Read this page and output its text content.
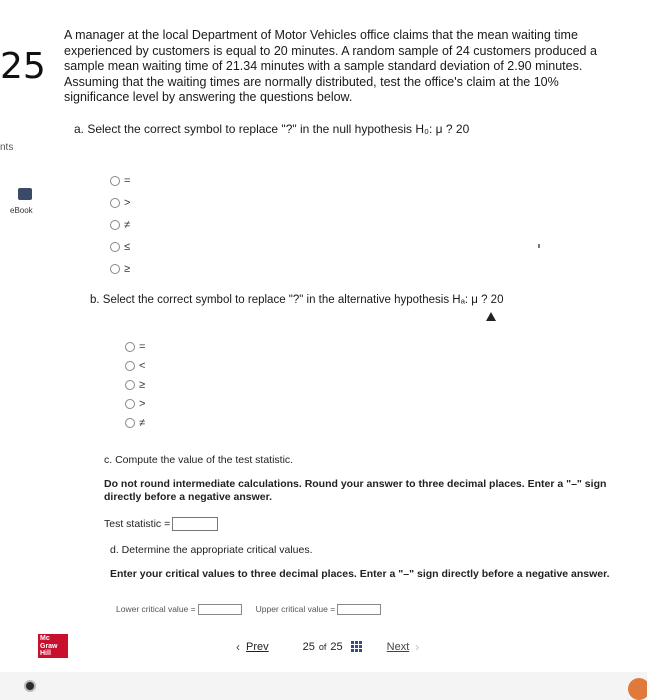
25
nts
eBook
Mc Graw Hill
A manager at the local Department of Motor Vehicles office claims that the mean waiting time experienced by customers is equal to 20 minutes. A random sample of 24 customers produced a sample mean waiting time of 21.34 minutes with a sample standard deviation of 2.90 minutes. Assuming that the waiting times are normally distributed, test the office's claim at the 10% significance level by answering the questions below.
a. Select the correct symbol to replace "?" in the null hypothesis H₀: μ ? 20
=
>
≠
≤
≥
b. Select the correct symbol to replace "?" in the alternative hypothesis Hₐ: μ ? 20
=
<
≥
>
≠
c. Compute the value of the test statistic.
Do not round intermediate calculations. Round your answer to three decimal places. Enter a "–" sign directly before a negative answer.
Test statistic =
d. Determine the appropriate critical values.
Enter your critical values to three decimal places. Enter a "–" sign directly before a negative answer.
Lower critical value =	Upper critical value =
‹ Prev	25 of 25	Next ›
